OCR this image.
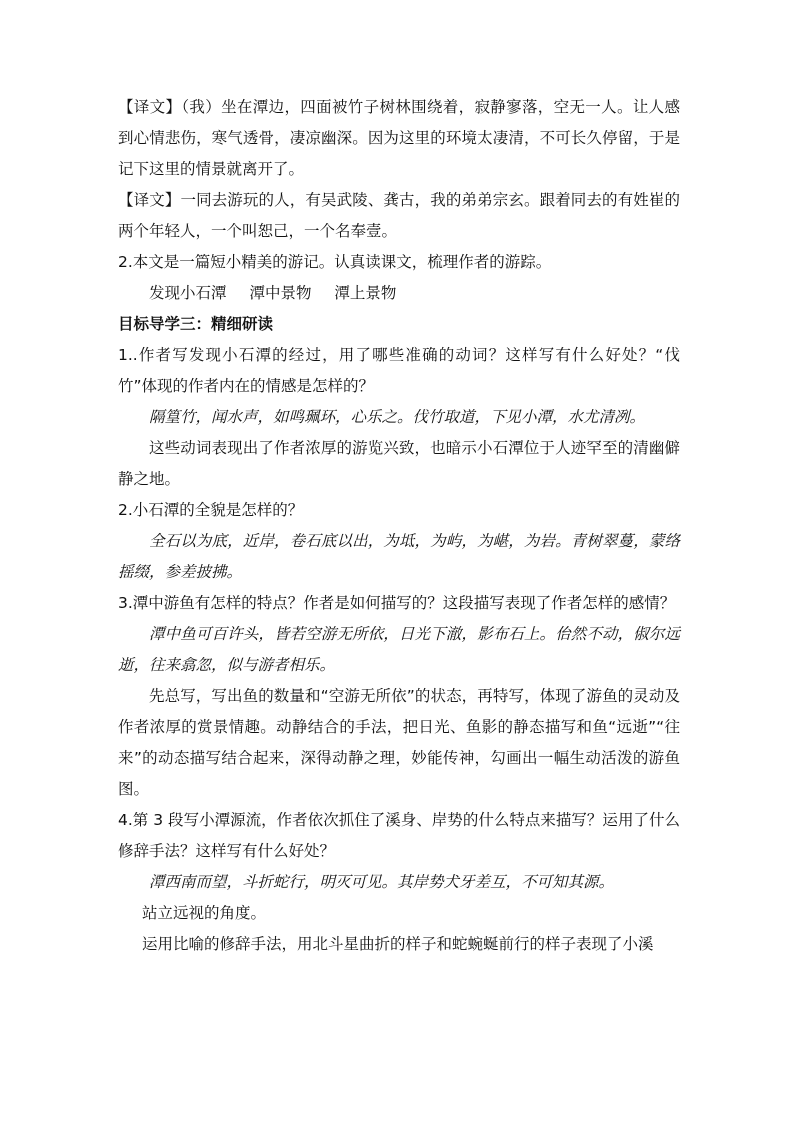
【译文】（我）坐在潭边，四面被竹子树林围绕着，寂静寥落，空无一人。让人感到心情悲伤，寒气透骨，凄凉幽深。因为这里的环境太凄清，不可长久停留，于是记下这里的情景就离开了。

【译文】一同去游玩的人，有吴武陵、龚古，我的弟弟宗玄。跟着同去的有姓崔的两个年轻人，一个叫恕己，一个名奉壹。

2.本文是一篇短小精美的游记。认真读课文，梳理作者的游踪。

发现小石潭 潭中景物 潭上景物

目标导学三：精细研读

1..作者写发现小石潭的经过，用了哪些准确的动词？这样写有什么好处？“伐竹”体现的作者内在的情感是怎样的？

隔篁竹，闻水声，如鸣珮环，心乐之。伐竹取道，下见小潭，水尤清冽。

这些动词表现出了作者浓厚的游览兴致，也暗示小石潭位于人迹罕至的清幽僻静之地。

2.小石潭的全貌是怎样的？

全石以为底，近岸，卷石底以出，为坻，为屿，为嵁，为岩。青树翠蔓，蒙络摇缀，参差披拂。

3.潭中游鱼有怎样的特点？作者是如何描写的？这段描写表现了作者怎样的感情？

潭中鱼可百许头，皆若空游无所依，日光下澈，影布石上。佁然不动，俶尔远逝，往来翕忽，似与游者相乐。

先总写，写出鱼的数量和“空游无所依”的状态，再特写，体现了游鱼的灵动及作者浓厚的赏景情趣。动静结合的手法，把日光、鱼影的静态描写和鱼“远逝”“往来”的动态描写结合起来，深得动静之理，妙能传神，勾画出一幅生动活泼的游鱼图。

4.第 3 段写小潭源流，作者依次抓住了溪身、岸势的什么特点来描写？运用了什么修辞手法？这样写有什么好处？

潭西南而望，斗折蛇行，明灭可见。其岸势犬牙差互，不可知其源。

站立远视的角度。

运用比喻的修辞手法，用北斗星曲折的样子和蛇蜿蜒前行的样子表现了小溪
